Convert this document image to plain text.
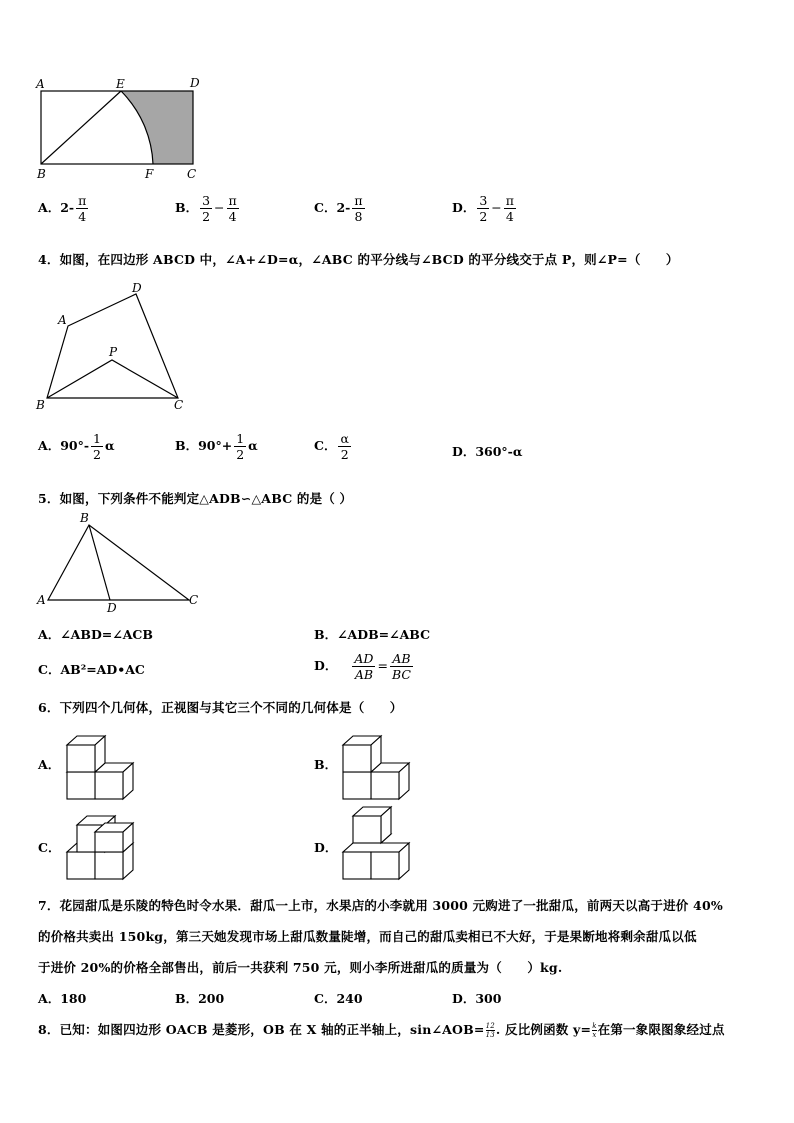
A	E	D
B	F	C
A．$2- \frac{\pi}{4}$	B． $\frac{3}{2} - \frac{\pi}{4}$	C．$2- \frac{\pi}{8}$	D． $\frac{3}{2} - \frac{\pi}{4}$
4．如图，在四边形 ABCD 中，∠A+∠D=α，∠ABC 的平分线与∠BCD 的平分线交于点 P，则∠P=（　　）
A
D
P
B	C
A．$90^\circ- \frac{1}{2}$ α	B．$90^\circ+ \frac{1}{2}$ α	C． $\frac{\alpha}{2}$	D．360°-α
5．如图，下列条件不能判定△ADB∽△ABC 的是（ ）
B
A
D
C
A．∠ABD=∠ACB	B．∠ADB=∠ABC
C．AB²=AD•AC	D． $\frac{AD}{AB} = \frac{AB}{BC}$
6．下列四个几何体，正视图与其它三个不同的几何体是（　　）
A．	B．
C．	D．
7．花园甜瓜是乐陵的特色时令水果．甜瓜一上市，水果店的小李就用 3000 元购进了一批甜瓜，前两天以高于进价 40%
的价格共卖出 150kg，第三天她发现市场上甜瓜数量陡增，而自己的甜瓜卖相已不大好，于是果断地将剩余甜瓜以低
于进价 20%的价格全部售出，前后一共获利 750 元，则小李所进甜瓜的质量为（　　）kg.
A．180	B．200	C．240	D．300
8．已知：如图四边形 OACB 是菱形，OB 在 X 轴的正半轴上，sin∠AOB= $\frac{12}{13}$ . 反比例函数 $y= \frac{k}{x}$ 在第一象限图象经过点
